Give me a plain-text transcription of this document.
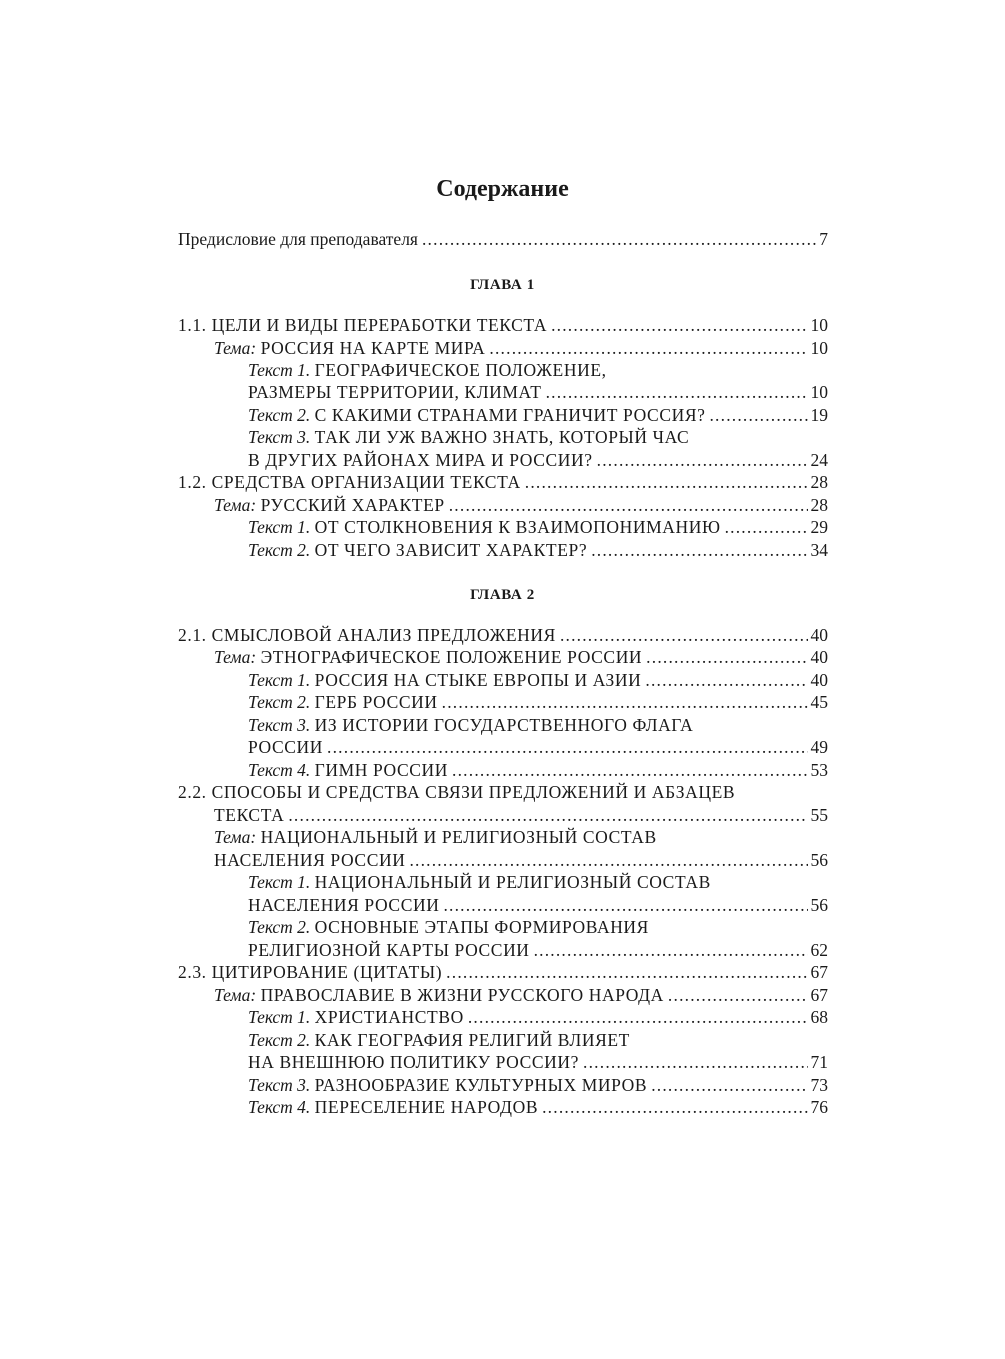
Содержание
Предисловие для преподавателя .....	7
ГЛАВА 1
1.1. ЦЕЛИ И ВИДЫ ПЕРЕРАБОТКИ ТЕКСТА .....	10
Тема: РОССИЯ НА КАРТЕ МИРА .....	10
Текст 1. ГЕОГРАФИЧЕСКОЕ ПОЛОЖЕНИЕ,
РАЗМЕРЫ ТЕРРИТОРИИ, КЛИМАТ .....	10
Текст 2. С КАКИМИ СТРАНАМИ ГРАНИЧИТ РОССИЯ? .....	19
Текст 3. ТАК ЛИ УЖ ВАЖНО ЗНАТЬ, КОТОРЫЙ ЧАС
В ДРУГИХ РАЙОНАХ МИРА И РОССИИ? .....	24
1.2. СРЕДСТВА ОРГАНИЗАЦИИ ТЕКСТА .....	28
Тема: РУССКИЙ ХАРАКТЕР .....	28
Текст 1. ОТ СТОЛКНОВЕНИЯ К ВЗАИМОПОНИМАНИЮ .....	29
Текст 2. ОТ ЧЕГО ЗАВИСИТ ХАРАКТЕР? .....	34
ГЛАВА 2
2.1. СМЫСЛОВОЙ АНАЛИЗ ПРЕДЛОЖЕНИЯ .....	40
Тема: ЭТНОГРАФИЧЕСКОЕ ПОЛОЖЕНИЕ РОССИИ .....	40
Текст 1. РОССИЯ НА СТЫКЕ ЕВРОПЫ И АЗИИ .....	40
Текст 2. ГЕРБ РОССИИ .....	45
Текст 3. ИЗ ИСТОРИИ ГОСУДАРСТВЕННОГО ФЛАГА
РОССИИ .....	49
Текст 4. ГИМН РОССИИ .....	53
2.2. СПОСОБЫ И СРЕДСТВА СВЯЗИ ПРЕДЛОЖЕНИЙ И АБЗАЦЕВ
ТЕКСТА .....	55
Тема: НАЦИОНАЛЬНЫЙ И РЕЛИГИОЗНЫЙ СОСТАВ
НАСЕЛЕНИЯ РОССИИ .....	56
Текст 1. НАЦИОНАЛЬНЫЙ И РЕЛИГИОЗНЫЙ СОСТАВ
НАСЕЛЕНИЯ РОССИИ .....	56
Текст 2. ОСНОВНЫЕ ЭТАПЫ ФОРМИРОВАНИЯ
РЕЛИГИОЗНОЙ КАРТЫ РОССИИ .....	62
2.3. ЦИТИРОВАНИЕ (ЦИТАТЫ) .....	67
Тема: ПРАВОСЛАВИЕ В ЖИЗНИ РУССКОГО НАРОДА .....	67
Текст 1. ХРИСТИАНСТВО .....	68
Текст 2. КАК ГЕОГРАФИЯ РЕЛИГИЙ ВЛИЯЕТ
НА ВНЕШНЮЮ ПОЛИТИКУ РОССИИ? .....	71
Текст 3. РАЗНООБРАЗИЕ КУЛЬТУРНЫХ МИРОВ .....	73
Текст 4. ПЕРЕСЕЛЕНИЕ НАРОДОВ .....	76
